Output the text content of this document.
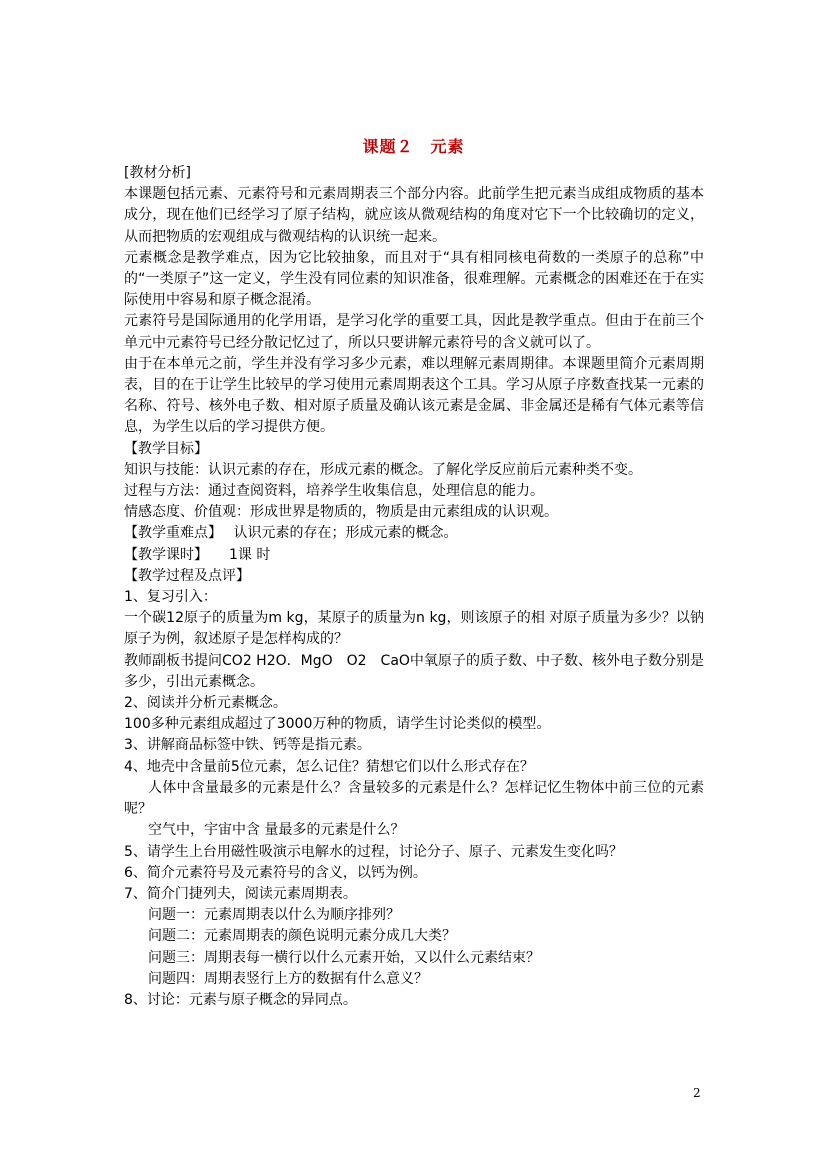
课题２　元素

[教材分析]

本课题包括元素、元素符号和元素周期表三个部分内容。此前学生把元素当成组成物质的基本成分，现在他们已经学习了原子结构，就应该从微观结构的角度对它下一个比较确切的定义，从而把物质的宏观组成与微观结构的认识统一起来。

元素概念是教学难点，因为它比较抽象，而且对于“具有相同核电荷数的一类原子的总称”中的“一类原子”这一定义，学生没有同位素的知识准备，很难理解。元素概念的困难还在于在实际使用中容易和原子概念混淆。

元素符号是国际通用的化学用语，是学习化学的重要工具，因此是教学重点。但由于在前三个单元中元素符号已经分散记忆过了，所以只要讲解元素符号的含义就可以了。

由于在本单元之前，学生并没有学习多少元素，难以理解元素周期律。本课题里简介元素周期表，目的在于让学生比较早的学习使用元素周期表这个工具。学习从原子序数查找某一元素的名称、符号、核外电子数、相对原子质量及确认该元素是金属、非金属还是稀有气体元素等信息，为学生以后的学习提供方便。

【教学目标】

知识与技能：认识元素的存在，形成元素的概念。了解化学反应前后元素种类不变。

过程与方法：通过查阅资料，培养学生收集信息，处理信息的能力。

情感态度、价值观：形成世界是物质的，物质是由元素组成的认识观。

【教学重难点】　 认识元素的存在；形成元素的概念。

【教学课时】　　1课 时

【教学过程及点评】

1、复习引入：

一个碳12原子的质量为m kg，某原子的质量为n kg，则该原子的相 对原子质量为多少？以钠原子为例，叙述原子是怎样构成的？

教师副板书提问CO2 H2O．MgO　O2　CaO中氧原子的质子数、中子数、核外电子数分别是多少，引出元素概念。

2、阅读并分析元素概念。

100多种元素组成超过了3000万种的物质，请学生讨论类似的模型。

3、讲解商品标签中铁、钙等是指元素。

4、地壳中含量前5位元素，怎么记住？猜想它们以什么形式存在？

人体中含量最多的元素是什么？含量较多的元素是什么？怎样记忆生物体中前三位的元素呢？

空气中，宇宙中含 量最多的元素是什么？

5、请学生上台用磁性吸演示电解水的过程，讨论分子、原子、元素发生变化吗？

6、简介元素符号及元素符号的含义，以钙为例。

7、简介门捷列夫，阅读元素周期表。

问题一：元素周期表以什么为顺序排列？

问题二：元素周期表的颜色说明元素分成几大类？

问题三：周期表每一横行以什么元素开始，又以什么元素结束？

问题四：周期表竖行上方的数据有什么意义？

8、讨论：元素与原子概念的异同点。

2
